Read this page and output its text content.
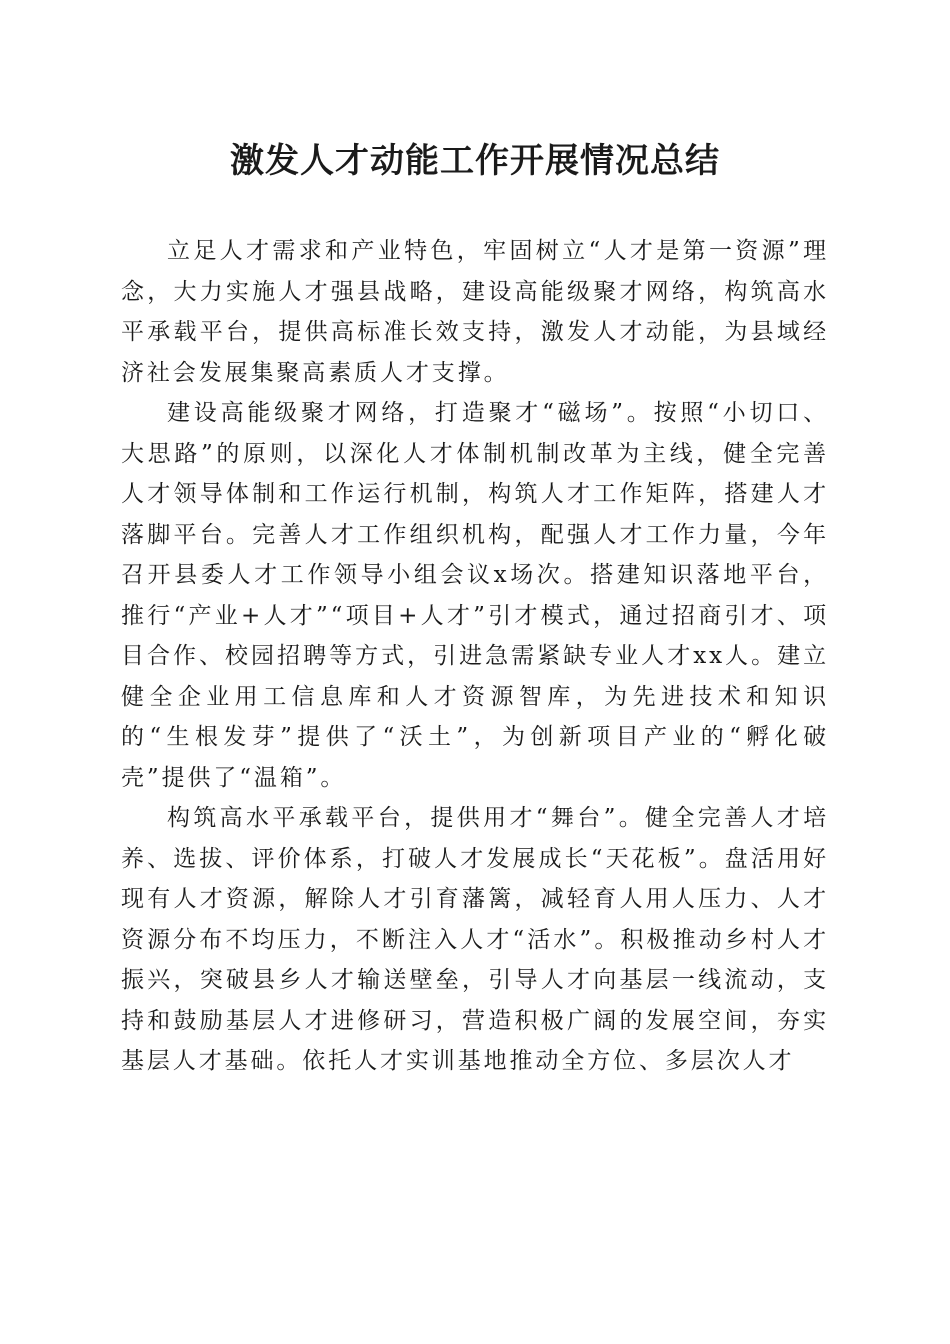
激发人才动能工作开展情况总结

立足人才需求和产业特色，牢固树立“人才是第一资源”理念，大力实施人才强县战略，建设高能级聚才网络，构筑高水平承载平台，提供高标准长效支持，激发人才动能，为县域经济社会发展集聚高素质人才支撑。

建设高能级聚才网络，打造聚才“磁场”。按照“小切口、大思路”的原则，以深化人才体制机制改革为主线，健全完善人才领导体制和工作运行机制，构筑人才工作矩阵，搭建人才落脚平台。完善人才工作组织机构，配强人才工作力量，今年召开县委人才工作领导小组会议x场次。搭建知识落地平台，推行“产业+人才”“项目+人才”引才模式，通过招商引才、项目合作、校园招聘等方式，引进急需紧缺专业人才xx人。建立健全企业用工信息库和人才资源智库，为先进技术和知识的“生根发芽”提供了“沃土”，为创新项目产业的“孵化破壳”提供了“温箱”。

构筑高水平承载平台，提供用才“舞台”。健全完善人才培养、选拔、评价体系，打破人才发展成长“天花板”。盘活用好现有人才资源，解除人才引育藩篱，减轻育人用人压力、人才资源分布不均压力，不断注入人才“活水”。积极推动乡村人才振兴，突破县乡人才输送壁垒，引导人才向基层一线流动，支持和鼓励基层人才进修研习，营造积极广阔的发展空间，夯实基层人才基础。依托人才实训基地推动全方位、多层次人才
